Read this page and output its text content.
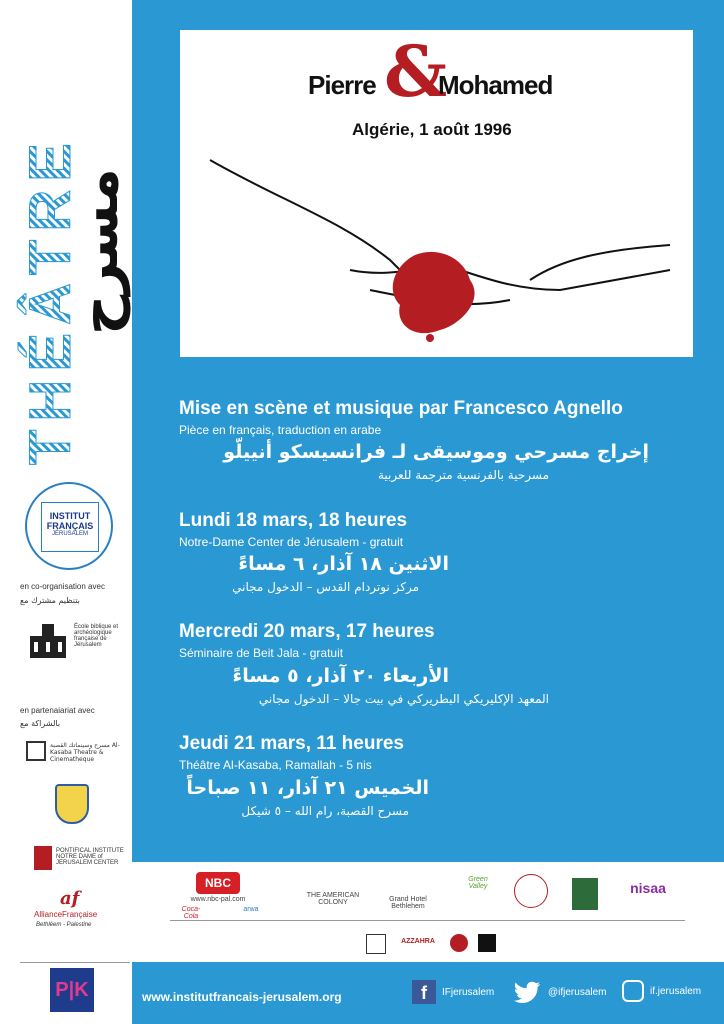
THÉÂTRE
مسرح
INSTITUT FRANÇAIS
JÉRUSALEM
en co-organisation avec
بتنظيم مشترك مع
École biblique et archéologique française de Jérusalem
en partenaiariat avec
بالشراكة مع
مسرح وسينماتك القصبة Al-Kasaba Theatre & Cinematheque
PONTIFICAL INSTITUTE NOTRE DAME of JERUSALEM CENTER
af
AllianceFrançaise
Bethléem - Palestine
P|K
Pierre &
Mohamed
Algérie, 1 août 1996
Mise en scène et musique par Francesco Agnello
Pièce en français, traduction en arabe
إخراج مسرحي وموسيقى لـ فرانسيسكو أنييلّو
مسرحية بالفرنسية مترجمة للعربية
Lundi 18 mars, 18 heures
Notre-Dame Center de Jérusalem - gratuit
الاثنين ١٨ آذار، ٦ مساءً
مركز نوتردام القدس – الدخول مجاني
Mercredi 20 mars, 17 heures
Séminaire de Beit Jala - gratuit
الأربعاء ٢٠ آذار، ٥ مساءً
المعهد الإكليريكي البطريركي في بيت جالا – الدخول مجاني
Jeudi 21 mars, 11 heures
Théâtre Al-Kasaba, Ramallah - 5 nis
الخميس ٢١ آذار، ١١ صباحاً
مسرح القصبة، رام الله – ٥ شيكل
NBC
www.nbc-pal.com
Coca-Cola
arwa
THE AMERICAN COLONY	Grand Hotel Bethlehem
Green Valley	nisaa
AZZAHRA
www.institutfrancais-jerusalem.org	f	IFjerusalem	@ifjerusalem	if.jerusalem
